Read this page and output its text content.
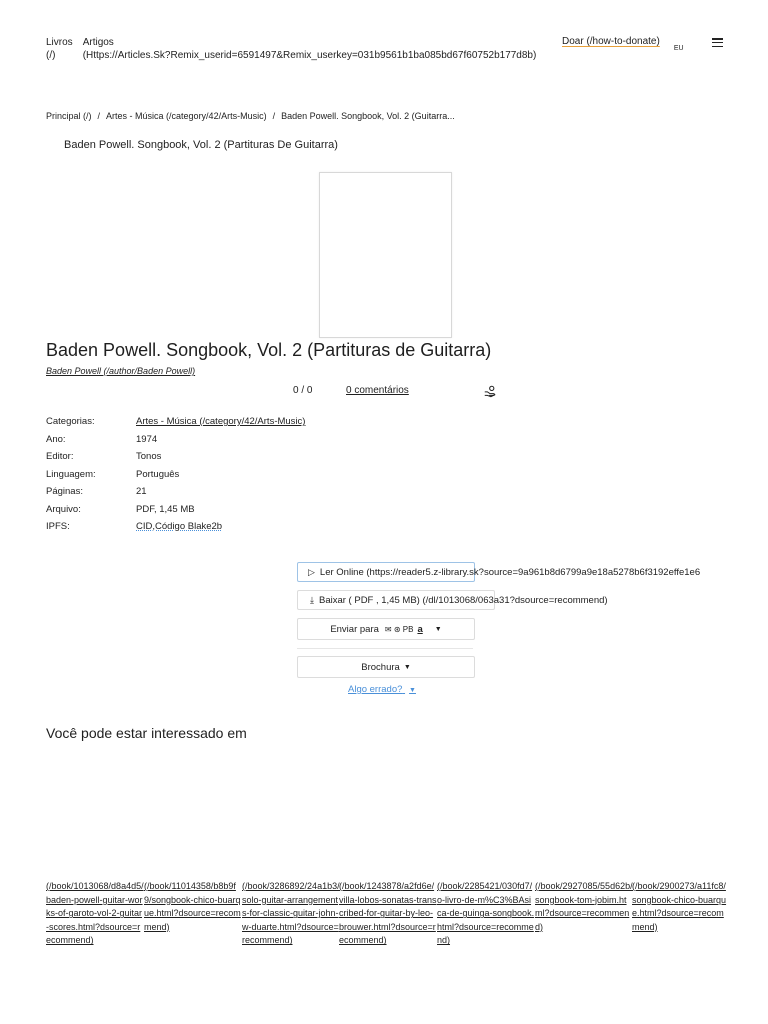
Livros
(/)
Artigos
(Https://Articles.Sk?Remix_userid=6591497&Remix_userkey=031b9561b1ba085bd67f60752b177d8b)
Doar (/how-to-donate)
EU
Principal (/) / Artes - Música (/category/42/Arts-Music) / Baden Powell. Songbook, Vol. 2 (Guitarra...
Baden Powell. Songbook, Vol. 2 (Partituras De Guitarra)
Baden Powell. Songbook, Vol. 2 (Partituras de Guitarra)
Baden Powell (/author/Baden Powell)
0 / 0	0 comentários
Categorias:	Artes - Música (/category/42/Arts-Music)
Ano:	1974
Editor:	Tonos
Linguagem:	Português
Páginas:	21
Arquivo:	PDF, 1,45 MB
IPFS:	CID,Código Blake2b
▷ Ler Online (https://reader5.z-library.sk?source=9a961b8d6799a9e18a5278b6f3192effe1e6
⤓ Baixar ( PDF , 1,45 MB) (/dl/1013068/063a31?dsource=recommend)
Enviar para ✉ ⊛ PB a ▼
Brochura ▼
Algo errado? ▼
Você pode estar interessado em
(/book/1013068/d8a4d5/baden-powell-guitar-works-of-garoto-vol-2-guitar-scores.html?dsource=recommend)
(/book/11014358/b8b9f9/songbook-chico-buarque.html?dsource=recommend)
(/book/3286892/24a1b3/solo-guitar-arrangements-for-classic-guitar-john-w-duarte.html?dsource=recommend)
(/book/1243878/a2fd6e/villa-lobos-sonatas-transcribed-for-guitar-by-leo-brouwer.html?dsource=recommend)
(/book/2285421/030fd7/o-livro-de-m%C3%BAsica-de-guinga-songbook.html?dsource=recommend)
(/book/2927085/55d62b/songbook-tom-jobim.html?dsource=recommend)
(/book/2900273/a11fc8/songbook-chico-buarque.html?dsource=recommend)
